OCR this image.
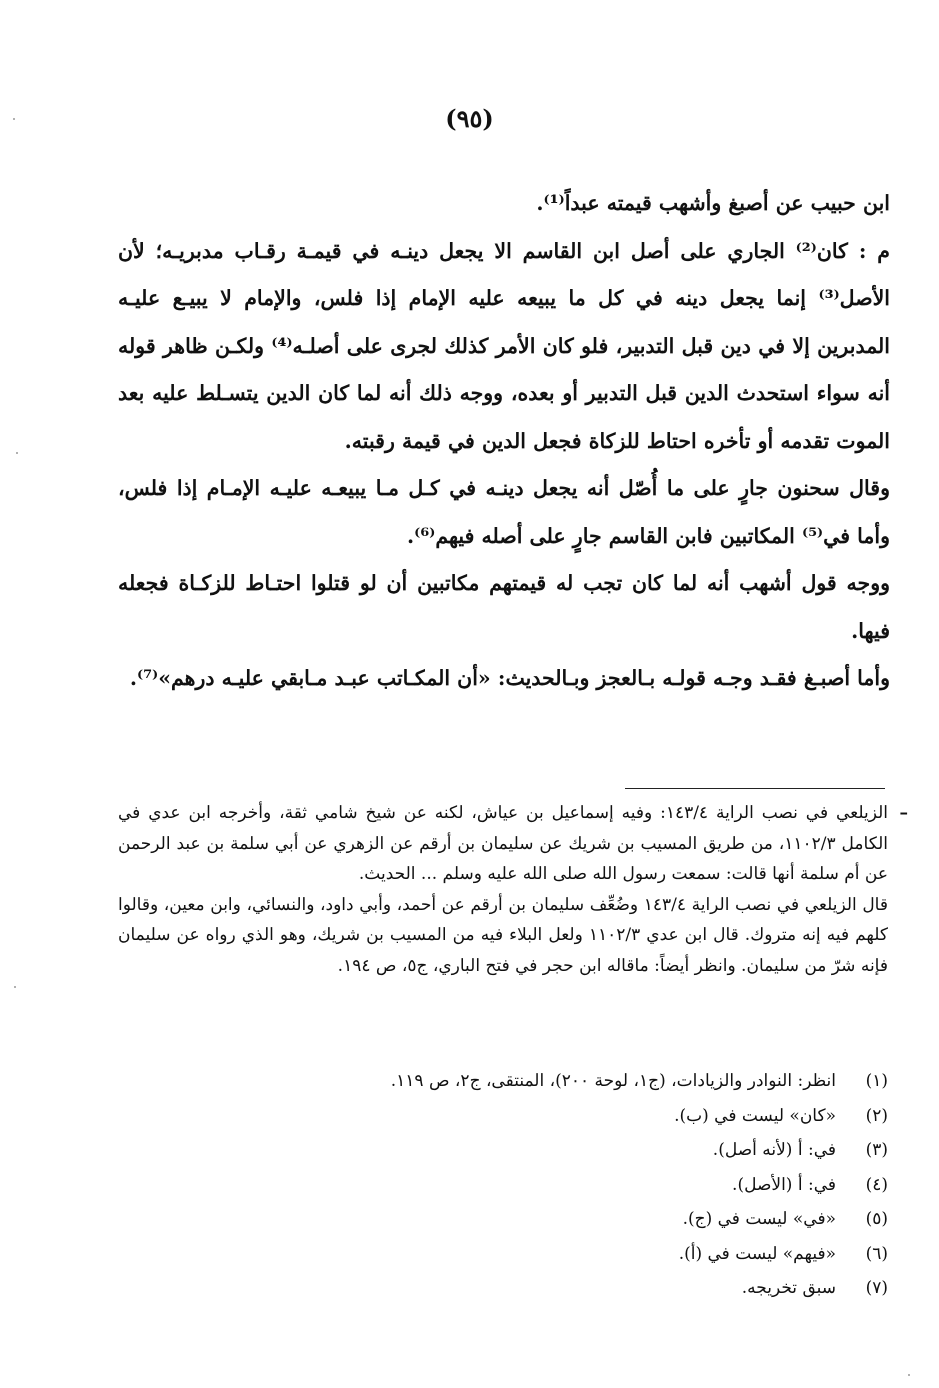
(٩٥)

ابن حبيب عن أصبغ وأشهب قيمته عبداً⁽¹⁾.

م : كان⁽²⁾ الجاري على أصل ابن القاسم الا يجعل دينـه في قيمـة رقـاب مدبريـه؛ لأن الأصل⁽³⁾ إنما يجعل دينه في كل ما يبيعه عليه الإمام إذا فلس، والإمام لا يبيـع عليـه المدبرين إلا في دين قبل التدبير، فلو كان الأمر كذلك لجرى على أصلـه⁽⁴⁾ ولكـن ظاهر قوله أنه سواء استحدث الدين قبل التدبير أو بعده، ووجه ذلك أنه لما كان الدين يتسـلط عليه بعد الموت تقدمه أو تأخره احتاط للزكاة فجعل الدين في قيمة رقبته.

وقال سحنون جارٍ على ما أُصّل أنه يجعل دينـه في كـل مـا يبيعـه عليـه الإمـام إذا فلس، وأما في⁽⁵⁾ المكاتبين فابن القاسم جارٍ على أصله فيهم⁽⁶⁾.

ووجه قول أشهب أنه لما كان تجب له قيمتهم مكاتبين أن لو قتلوا احتـاط للزكـاة فجعله فيها.

وأما أصبـغ فقـد وجـه قولـه بـالعجز وبـالحديث: «أن المكـاتب عبـد مـابقي عليـه درهم»⁽⁷⁾.

–

الزيلعي في نصب الراية ١٤٣/٤: وفيه إسماعيل بن عياش، لكنه عن شيخ شامي ثقة، وأخرجه ابن عدي في الكامل ١١٠٢/٣، من طريق المسيب بن شريك عن سليمان بن أرقم عن الزهري عن أبي سلمة بن عبد الرحمن عن أم سلمة أنها قالت: سمعت رسول الله صلى الله عليه وسلم ... الحديث.

قال الزيلعي في نصب الراية ١٤٣/٤ وضُعِّف سليمان بن أرقم عن أحمد، وأبي داود، والنسائي، وابن معين، وقالوا كلهم فيه إنه متروك. قال ابن عدي ١١٠٢/٣ ولعل البلاء فيه من المسيب بن شريك، وهو الذي رواه عن سليمان فإنه شرّ من سليمان. وانظر أيضاً: ماقاله ابن حجر في فتح الباري، ج٥، ص ١٩٤.

(١)
انظر: النوادر والزيادات، (ج١، لوحة ٢٠٠)، المنتقى، ج٢، ص ١١٩.
(٢)
«كان» ليست في (ب).
(٣)
في: أ (لأنه أصل).
(٤)
في: أ (الأصل).
(٥)
«في» ليست في (ج).
(٦)
«فيهم» ليست في (أ).
(٧)
سبق تخريجه.
